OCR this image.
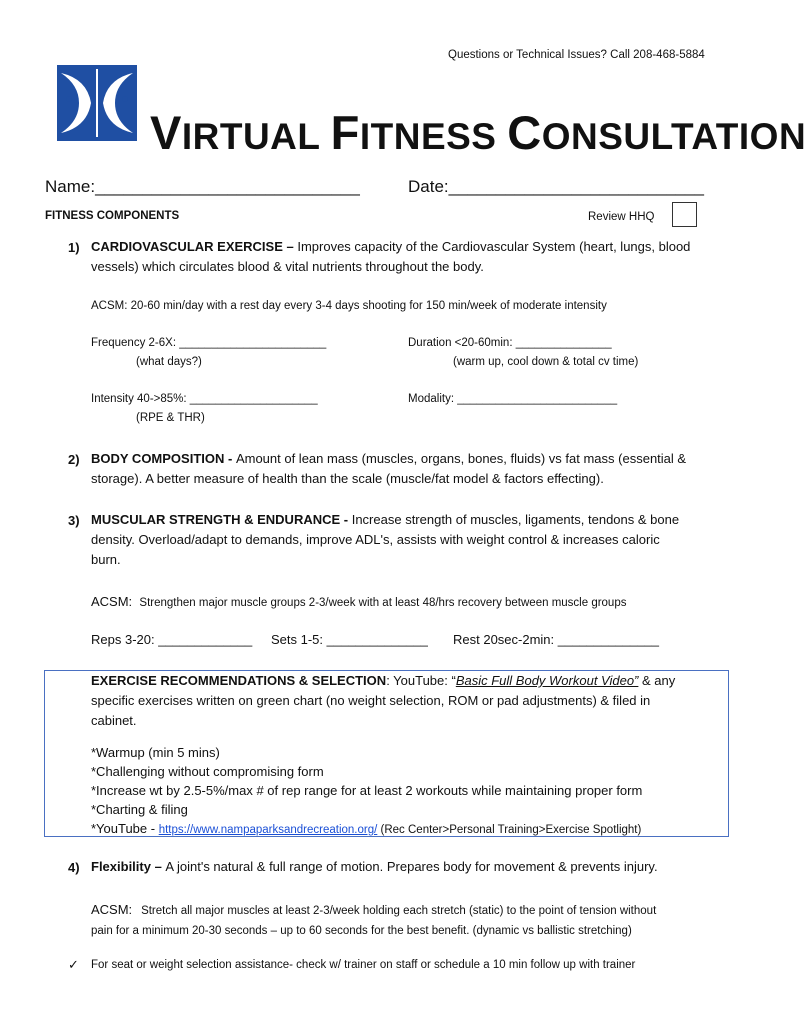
Questions or Technical Issues? Call 208-468-5884
VIRTUAL FITNESS CONSULTATION
Name:____________________________	Date:___________________________
FITNESS COMPONENTS	Review HHQ
1) CARDIOVASCULAR EXERCISE – Improves capacity of the Cardiovascular System (heart, lungs, blood
vessels) which circulates blood & vital nutrients throughout the body.
ACSM: 20-60 min/day with a rest day every 3-4 days shooting for 150 min/week of moderate intensity
Frequency 2-6X: _______________________
(what days?)
Duration <20-60min: _______________
(warm up, cool down & total cv time)
Intensity 40->85%: ____________________
(RPE & THR)
Modality: _________________________
2) BODY COMPOSITION - Amount of lean mass (muscles, organs, bones, fluids) vs fat mass (essential &
storage). A better measure of health than the scale (muscle/fat model & factors effecting).
3) MUSCULAR STRENGTH & ENDURANCE - Increase strength of muscles, ligaments, tendons & bone
density. Overload/adapt to demands, improve ADL's, assists with weight control & increases caloric
burn.
ACSM: Strengthen major muscle groups 2-3/week with at least 48/hrs recovery between muscle groups
Reps 3-20: _____________ Sets 1-5: ______________ Rest 20sec-2min: ______________
EXERCISE RECOMMENDATIONS & SELECTION: YouTube: “Basic Full Body Workout Video” & any
specific exercises written on green chart (no weight selection, ROM or pad adjustments) & filed in
cabinet.
*Warmup (min 5 mins)
*Challenging without compromising form
*Increase wt by 2.5-5%/max # of rep range for at least 2 workouts while maintaining proper form
*Charting & filing
*YouTube - https://www.nampaparksandrecreation.org/ (Rec Center>Personal Training>Exercise Spotlight)
4) Flexibility – A joint's natural & full range of motion. Prepares body for movement & prevents injury.
ACSM: Stretch all major muscles at least 2-3/week holding each stretch (static) to the point of tension without
pain for a minimum 20-30 seconds – up to 60 seconds for the best benefit. (dynamic vs ballistic stretching)
✓ For seat or weight selection assistance- check w/ trainer on staff or schedule a 10 min follow up with trainer
